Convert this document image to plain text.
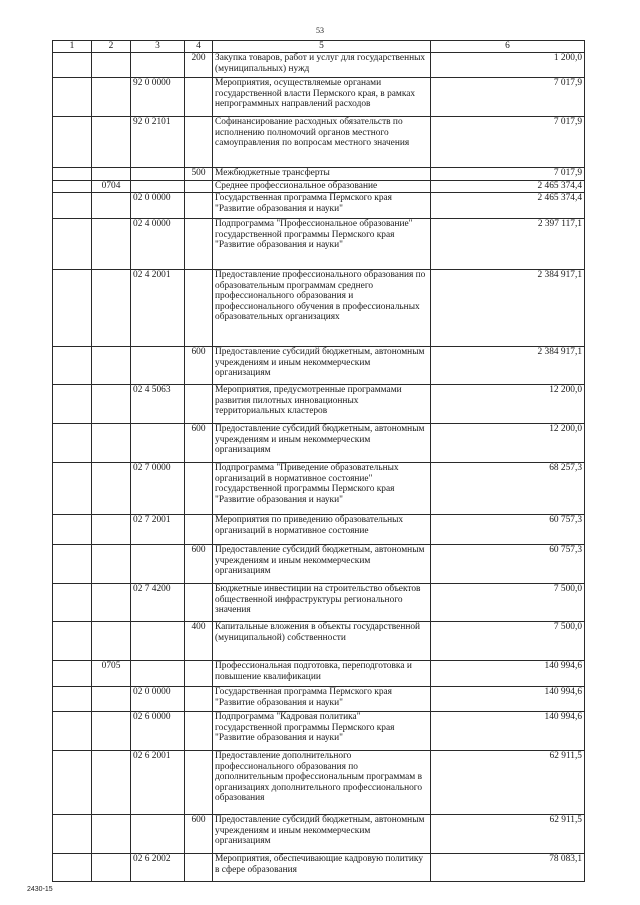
53
1	2	3	4	5	6
			200	Закупка товаров, работ и услуг для государственных (муниципальных) нужд	1 200,0
		92 0 0000		Мероприятия, осуществляемые органами государственной власти Пермского края, в рамках непрограммных направлений расходов	7 017,9
		92 0 2101		Софинансирование расходных обязательств по исполнению полномочий органов местного самоуправления по вопросам местного значения	7 017,9
			500	Межбюджетные трансферты	7 017,9
	0704			Среднее профессиональное образование	2 465 374,4
		02 0 0000		Государственная программа Пермского края "Развитие образования и науки"	2 465 374,4
		02 4 0000		Подпрограмма "Профессиональное образование" государственной программы Пермского края "Развитие образования и науки"	2 397 117,1
		02 4 2001		Предоставление профессионального образования по образовательным программам среднего профессионального образования и профессионального обучения в профессиональных образовательных организациях	2 384 917,1
			600	Предоставление субсидий бюджетным, автономным учреждениям и иным некоммерческим организациям	2 384 917,1
		02 4 5063		Мероприятия, предусмотренные программами развития пилотных инновационных территориальных кластеров	12 200,0
			600	Предоставление субсидий бюджетным, автономным учреждениям и иным некоммерческим организациям	12 200,0
		02 7 0000		Подпрограмма "Приведение образовательных организаций в нормативное состояние" государственной программы Пермского края "Развитие образования и науки"	68 257,3
		02 7 2001		Мероприятия по приведению образовательных организаций в нормативное состояние	60 757,3
			600	Предоставление субсидий бюджетным, автономным учреждениям и иным некоммерческим организациям	60 757,3
		02 7 4200		Бюджетные инвестиции на строительство объектов общественной инфраструктуры регионального значения	7 500,0
			400	Капитальные вложения в объекты государственной (муниципальной) собственности	7 500,0
	0705			Профессиональная подготовка, переподготовка и повышение квалификации	140 994,6
		02 0 0000		Государственная программа Пермского края "Развитие образования и науки"	140 994,6
		02 6 0000		Подпрограмма "Кадровая политика" государственной программы Пермского края "Развитие образования и науки"	140 994,6
		02 6 2001		Предоставление дополнительного профессионального образования по дополнительным профессиональным программам в организациях дополнительного профессионального образования	62 911,5
			600	Предоставление субсидий бюджетным, автономным учреждениям и иным некоммерческим организациям	62 911,5
		02 6 2002		Мероприятия, обеспечивающие кадровую политику в сфере образования	78 083,1
2430-15
